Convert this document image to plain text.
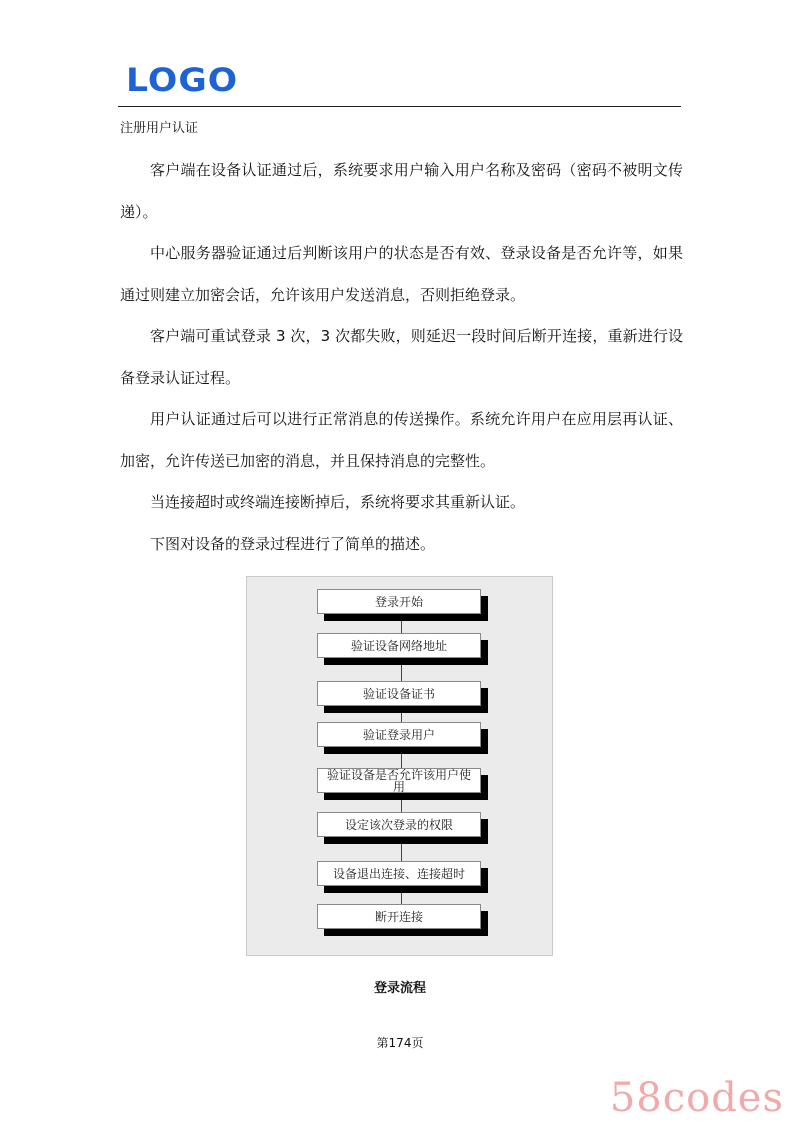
LOGO
注册用户认证

客户端在设备认证通过后，系统要求用户输入用户名称及密码（密码不被明文传递）。

中心服务器验证通过后判断该用户的状态是否有效、登录设备是否允许等，如果通过则建立加密会话，允许该用户发送消息，否则拒绝登录。

客户端可重试登录 3 次，3 次都失败，则延迟一段时间后断开连接，重新进行设备登录认证过程。

用户认证通过后可以进行正常消息的传送操作。系统允许用户在应用层再认证、加密，允许传送已加密的消息，并且保持消息的完整性。

当连接超时或终端连接断掉后，系统将要求其重新认证。

下图对设备的登录过程进行了简单的描述。

登录开始
验证设备网络地址
验证设备证书
验证登录用户
验证设备是否允许该用户使用
设定该次登录的权限
设备退出连接、连接超时
断开连接
登录流程
第174页
58codes
